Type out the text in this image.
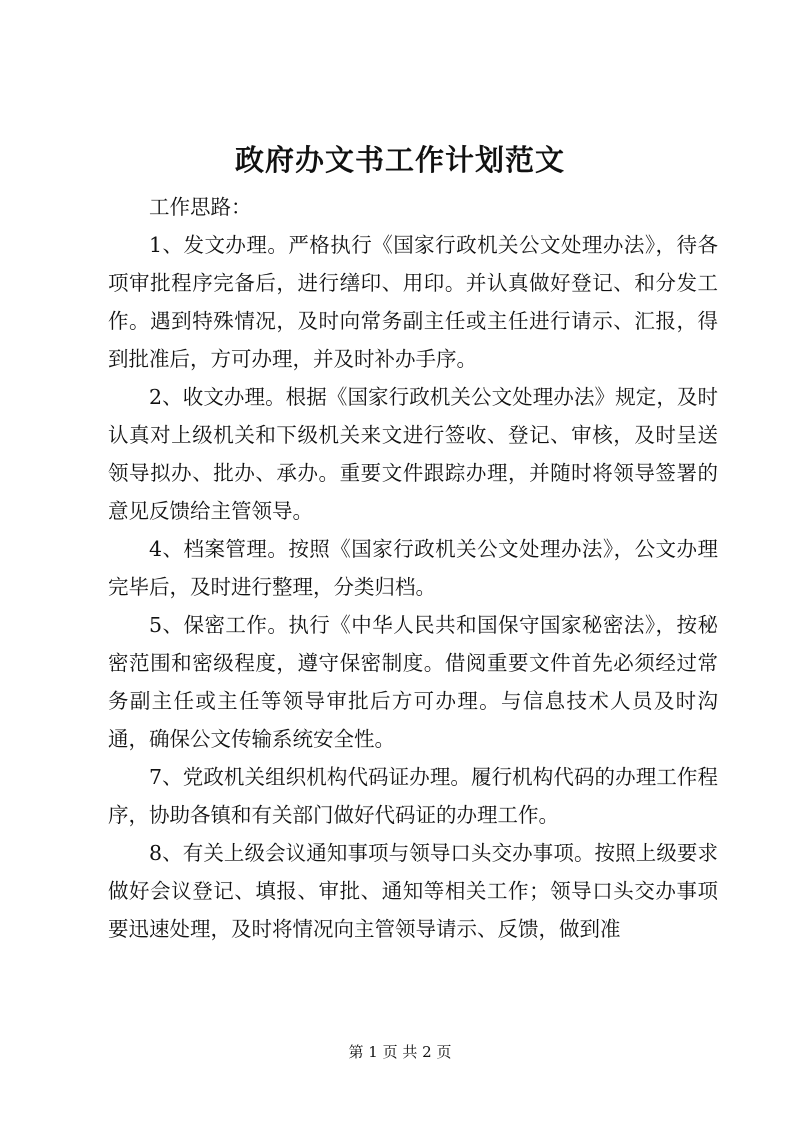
政府办文书工作计划范文

工作思路：

1、发文办理。严格执行《国家行政机关公文处理办法》，待各项审批程序完备后，进行缮印、用印。并认真做好登记、和分发工作。遇到特殊情况，及时向常务副主任或主任进行请示、汇报，得到批准后，方可办理，并及时补办手序。

2、收文办理。根据《国家行政机关公文处理办法》规定，及时认真对上级机关和下级机关来文进行签收、登记、审核，及时呈送领导拟办、批办、承办。重要文件跟踪办理，并随时将领导签署的意见反馈给主管领导。

4、档案管理。按照《国家行政机关公文处理办法》，公文办理完毕后，及时进行整理，分类归档。

5、保密工作。执行《中华人民共和国保守国家秘密法》，按秘密范围和密级程度，遵守保密制度。借阅重要文件首先必须经过常务副主任或主任等领导审批后方可办理。与信息技术人员及时沟通，确保公文传输系统安全性。

7、党政机关组织机构代码证办理。履行机构代码的办理工作程序，协助各镇和有关部门做好代码证的办理工作。

8、有关上级会议通知事项与领导口头交办事项。按照上级要求做好会议登记、填报、审批、通知等相关工作；领导口头交办事项要迅速处理，及时将情况向主管领导请示、反馈，做到准

第 1 页 共 2 页
